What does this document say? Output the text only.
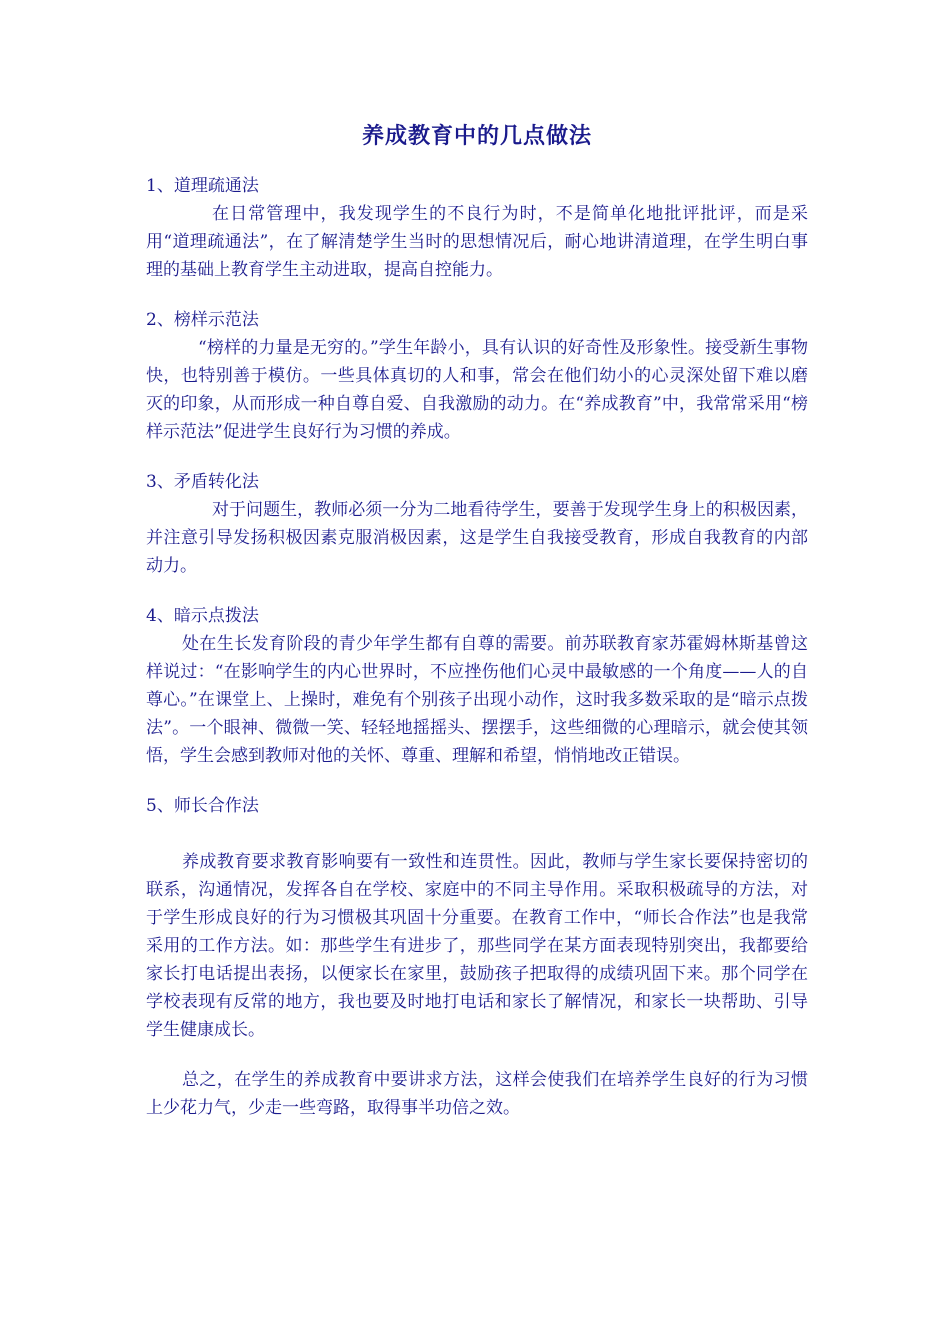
养成教育中的几点做法

1、道理疏通法

在日常管理中，我发现学生的不良行为时，不是简单化地批评批评，而是采用“道理疏通法”，在了解清楚学生当时的思想情况后，耐心地讲清道理，在学生明白事理的基础上教育学生主动进取，提高自控能力。

2、榜样示范法

“榜样的力量是无穷的。”学生年龄小，具有认识的好奇性及形象性。接受新生事物快，也特别善于模仿。一些具体真切的人和事，常会在他们幼小的心灵深处留下难以磨灭的印象，从而形成一种自尊自爱、自我激励的动力。在“养成教育”中，我常常采用“榜样示范法”促进学生良好行为习惯的养成。

3、矛盾转化法

对于问题生，教师必须一分为二地看待学生，要善于发现学生身上的积极因素，并注意引导发扬积极因素克服消极因素，这是学生自我接受教育，形成自我教育的内部动力。

4、暗示点拨法

处在生长发育阶段的青少年学生都有自尊的需要。前苏联教育家苏霍姆林斯基曾这样说过：“在影响学生的内心世界时，不应挫伤他们心灵中最敏感的一个角度——人的自尊心。”在课堂上、上操时，难免有个别孩子出现小动作，这时我多数采取的是“暗示点拨法”。一个眼神、微微一笑、轻轻地摇摇头、摆摆手，这些细微的心理暗示，就会使其领悟，学生会感到教师对他的关怀、尊重、理解和希望，悄悄地改正错误。

5、师长合作法

养成教育要求教育影响要有一致性和连贯性。因此，教师与学生家长要保持密切的联系，沟通情况，发挥各自在学校、家庭中的不同主导作用。采取积极疏导的方法，对于学生形成良好的行为习惯极其巩固十分重要。在教育工作中，“师长合作法”也是我常采用的工作方法。如：那些学生有进步了，那些同学在某方面表现特别突出，我都要给家长打电话提出表扬，以便家长在家里，鼓励孩子把取得的成绩巩固下来。那个同学在学校表现有反常的地方，我也要及时地打电话和家长了解情况，和家长一块帮助、引导学生健康成长。

总之，在学生的养成教育中要讲求方法，这样会使我们在培养学生良好的行为习惯上少花力气，少走一些弯路，取得事半功倍之效。
